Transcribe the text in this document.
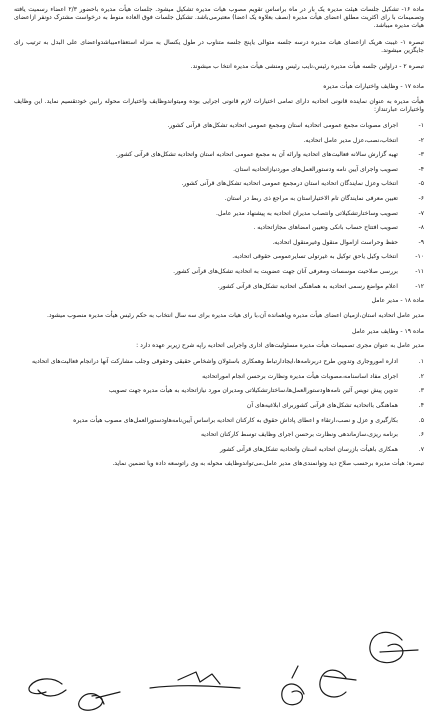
ماده ۱۶- تشکیل جلسات هیئت مدیره یک بار در ماه براساس تقویم مصوب هیات مدیره تشکیل میشود. جلسات هیأت مدیره باحضور ۲/۳ اعضاء رسمیت یافته وتصمیمات با رای اکثریت مطلق اعضای هیأت مدیره (نصف بعلاوه یک اعضا) معتبرمی‌باشد. تشکیل جلسات فوق العاده منوط به درخواست مشترک دونفر ازاعضای هیات مدیره میباشد.

تبصره ۱- غیبت هریک ازاعضای هیات مدیره درسه جلسه متوالی یاپنج جلسه متناوب در طول یکسال به منزله استعفاءمیباشدواعضای علی البدل به ترتیب رای جایگزین میشوند.

تبصره ۲ - دراولین جلسه هیأت مدیره رئیس،نایب رئیس ومنشی هیأت مدیره انتخا ب میشوند.

ماده ۱۷ - وظایف واختیارات هیأت مدیره

هیأت مدیره به عنوان نماینده قانونی اتحادیه دارای تمامی اختیارات لازم قانونی اجرایی بوده ومیتواندوظایف واختیارات محوله رابین خودتقسیم نماید. این وظایف واختیارات عبارتنداز:

۱-
اجرای مصوبات مجمع عمومی اتحادیه استان ومجمع عمومی اتحادیه تشکل‌های قرآنی کشور.
۲-
انتخاب،نصب،عزل مدیر عامل اتحادیه.
۳-
تهیه گزارش سالانه فعالیت‌های اتحادیه وارائه آن به مجمع عمومی اتحادیه استان واتحادیه تشکل‌های قرآنی کشور.
۴-
تصویب واجرای آیین نامه ودستورالعمل‌های موردنیازاتحادیه استان.
۵-
انتخاب وعزل نمایندگان اتحادیه استان درمجمع عمومی اتحادیه تشکل‌های قرآنی کشور.
۶-
تعیین معرفی نمایندگان تام الاختیاراستان به مراجع ذی ربط در استان.
۷-
تصویب وساختارتشکیلاتی وانتصاب مدیران اتحادیه به پیشنهاد مدیر عامل.
۸-
تصویب افتتاح حساب بانکی وتعیین امضاهای مجازاتحادیه .
۹-
حفظ وحراست ازاموال منقول وغیرمنقول اتحادیه.
۱۰-
انتخاب وکیل یاحق توکیل به غیرتولی تسایرعمومی حقوقی اتحادیه.
۱۱-
بررسی صلاحیت موسسات ومعرفی آنان جهت عضویت به اتحادیه تشکل‌های قرآنی کشور.
۱۲-
اعلام مواضع رسمی اتحادیه به هماهنگی اتحادیه تشکل‌های قرآنی کشور.

ماده ۱۸ - مدیر عامل

مدیر عامل اتحادیه استان،ازمیان اعضای هیأت مدیره ویاهمانده آن،با رای هیات مدیره برای سه سال انتخاب به حکم رئیس هیأت مدیره منصوب میشود.

ماده ۱۹ - وظایف مدیر عامل

مدیر عامل به عنوان مجری تصمیمات هیأت مدیره مسئولیت‌های اداری واجرایی اتحادیه راپه شرح زیربر عهده دارد :

۱.
اداره اموروجاری وتدوین طرح دربرنامه‌ها،ایجادارتباط وهمکاری باسئولان واشخاص حقیقی وحقوقی وجلب مشارکت آنها درانجام فعالیت‌های اتحادیه
۲.
اجرای مفاد اساسنامه،مصوبات هیأت مدیره ونظارت برحسن انجام اموراتحادیه
۳.
تدوین پیش نویس آئین نامه‌هاودستورالعمل‌ها،ساختارتشکیلاتی ومدیران مورد نیازاتحادیه به هیأت مدیره جهت تصویب
۴.
هماهنگی بااتحادیه تشکل‌های قرآنی کشوربرای ابلاغیه‌های آن
۵.
بکارگیری و عزل و نصب،ارتقاء و اعطای پاداش حقوق به کارکنان اتحادیه براساس آیین‌نامه‌هاودستورالعمل‌های مصوب هیأت مدیره
۶.
برنامه ریزی،سازماندهی ونظارت برحسن اجرای وظایف توسط کارکنان اتحادیه
۷.
همکاری باهیأت بازرسان اتحادیه استان واتحادیه تشکل‌های قرآنی کشور

تبصره: هیأت مدیره برحسب صلاح دید وتوانمندی‌های مدیر عامل،می‌تواندوظایف محوله به وی راتوسعه داده ویا تضمین نماید.
